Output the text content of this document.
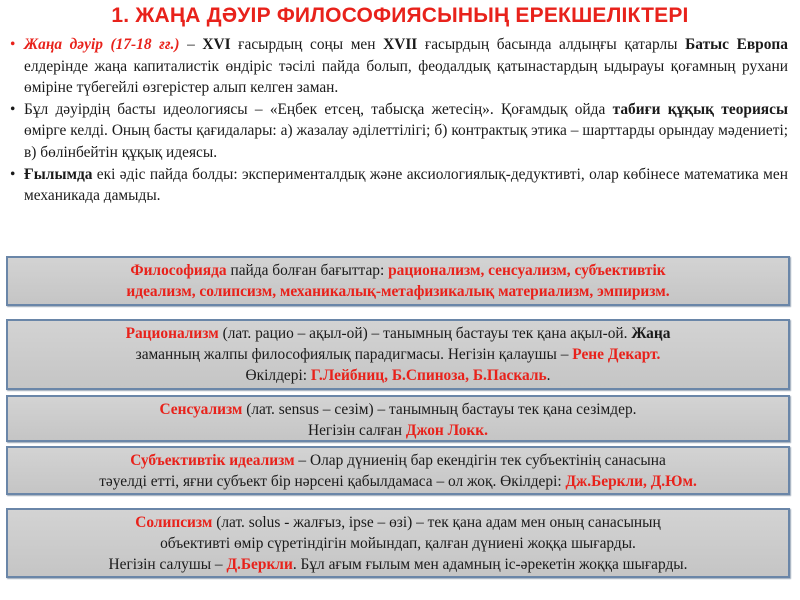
1. ЖАҢА ДӘУІР ФИЛОСОФИЯСЫНЫҢ ЕРЕКШЕЛІКТЕРІ
• Жаңа дәуір (17-18 ғғ.) – XVI ғасырдың соңы мен XVII ғасырдың басында алдыңғы қатарлы Батыс Европа елдерінде жаңа капиталистік өндіріс тәсілі пайда болып, феодалдық қатынастардың ыдырауы қоғамның рухани өміріне түбегейлі өзгерістер алып келген заман.
• Бұл дәуірдің басты идеологиясы – «Еңбек етсең, табысқа жетесің». Қоғамдық ойда табиғи құқық теориясы өмірге келді. Оның басты қағидалары: а) жазалау әділеттілігі; б) контрактық этика – шарттарды орындау мәдениеті; в) бөлінбейтін құқық идеясы.
• Ғылымда екі әдіс пайда болды: эксперименталдық және аксиологиялық-дедуктивті, олар көбінесе математика мен механикада дамыды.
Философияда пайда болған бағыттар: рационализм, сенсуализм, субъективтік
идеализм, солипсизм, механикалық-метафизикалық материализм, эмпиризм.
Рационализм (лат. рацио – ақыл-ой) – танымның бастауы тек қана ақыл-ой. Жаңа
заманның жалпы философиялық парадигмасы. Негізін қалаушы – Рене Декарт.
Өкілдері: Г.Лейбниц, Б.Спиноза, Б.Паскаль.
Сенсуализм (лат. sensus – сезім) – танымның бастауы тек қана сезімдер.
Негізін салған Джон Локк.
Субъективтік идеализм – Олар дүниенің бар екендігін тек субъектінің санасына
тәуелді етті, яғни субъект бір нәрсені қабылдамаса – ол жоқ. Өкілдері: Дж.Беркли, Д.Юм.
Солипсизм (лат. solus - жалғыз, ipse – өзі) – тек қана адам мен оның санасының
объективті өмір сүретіндігін мойындап, қалған дүниені жоққа шығарды.
Негізін салушы – Д.Беркли. Бұл ағым ғылым мен адамның іс-әрекетін жоққа шығарды.
